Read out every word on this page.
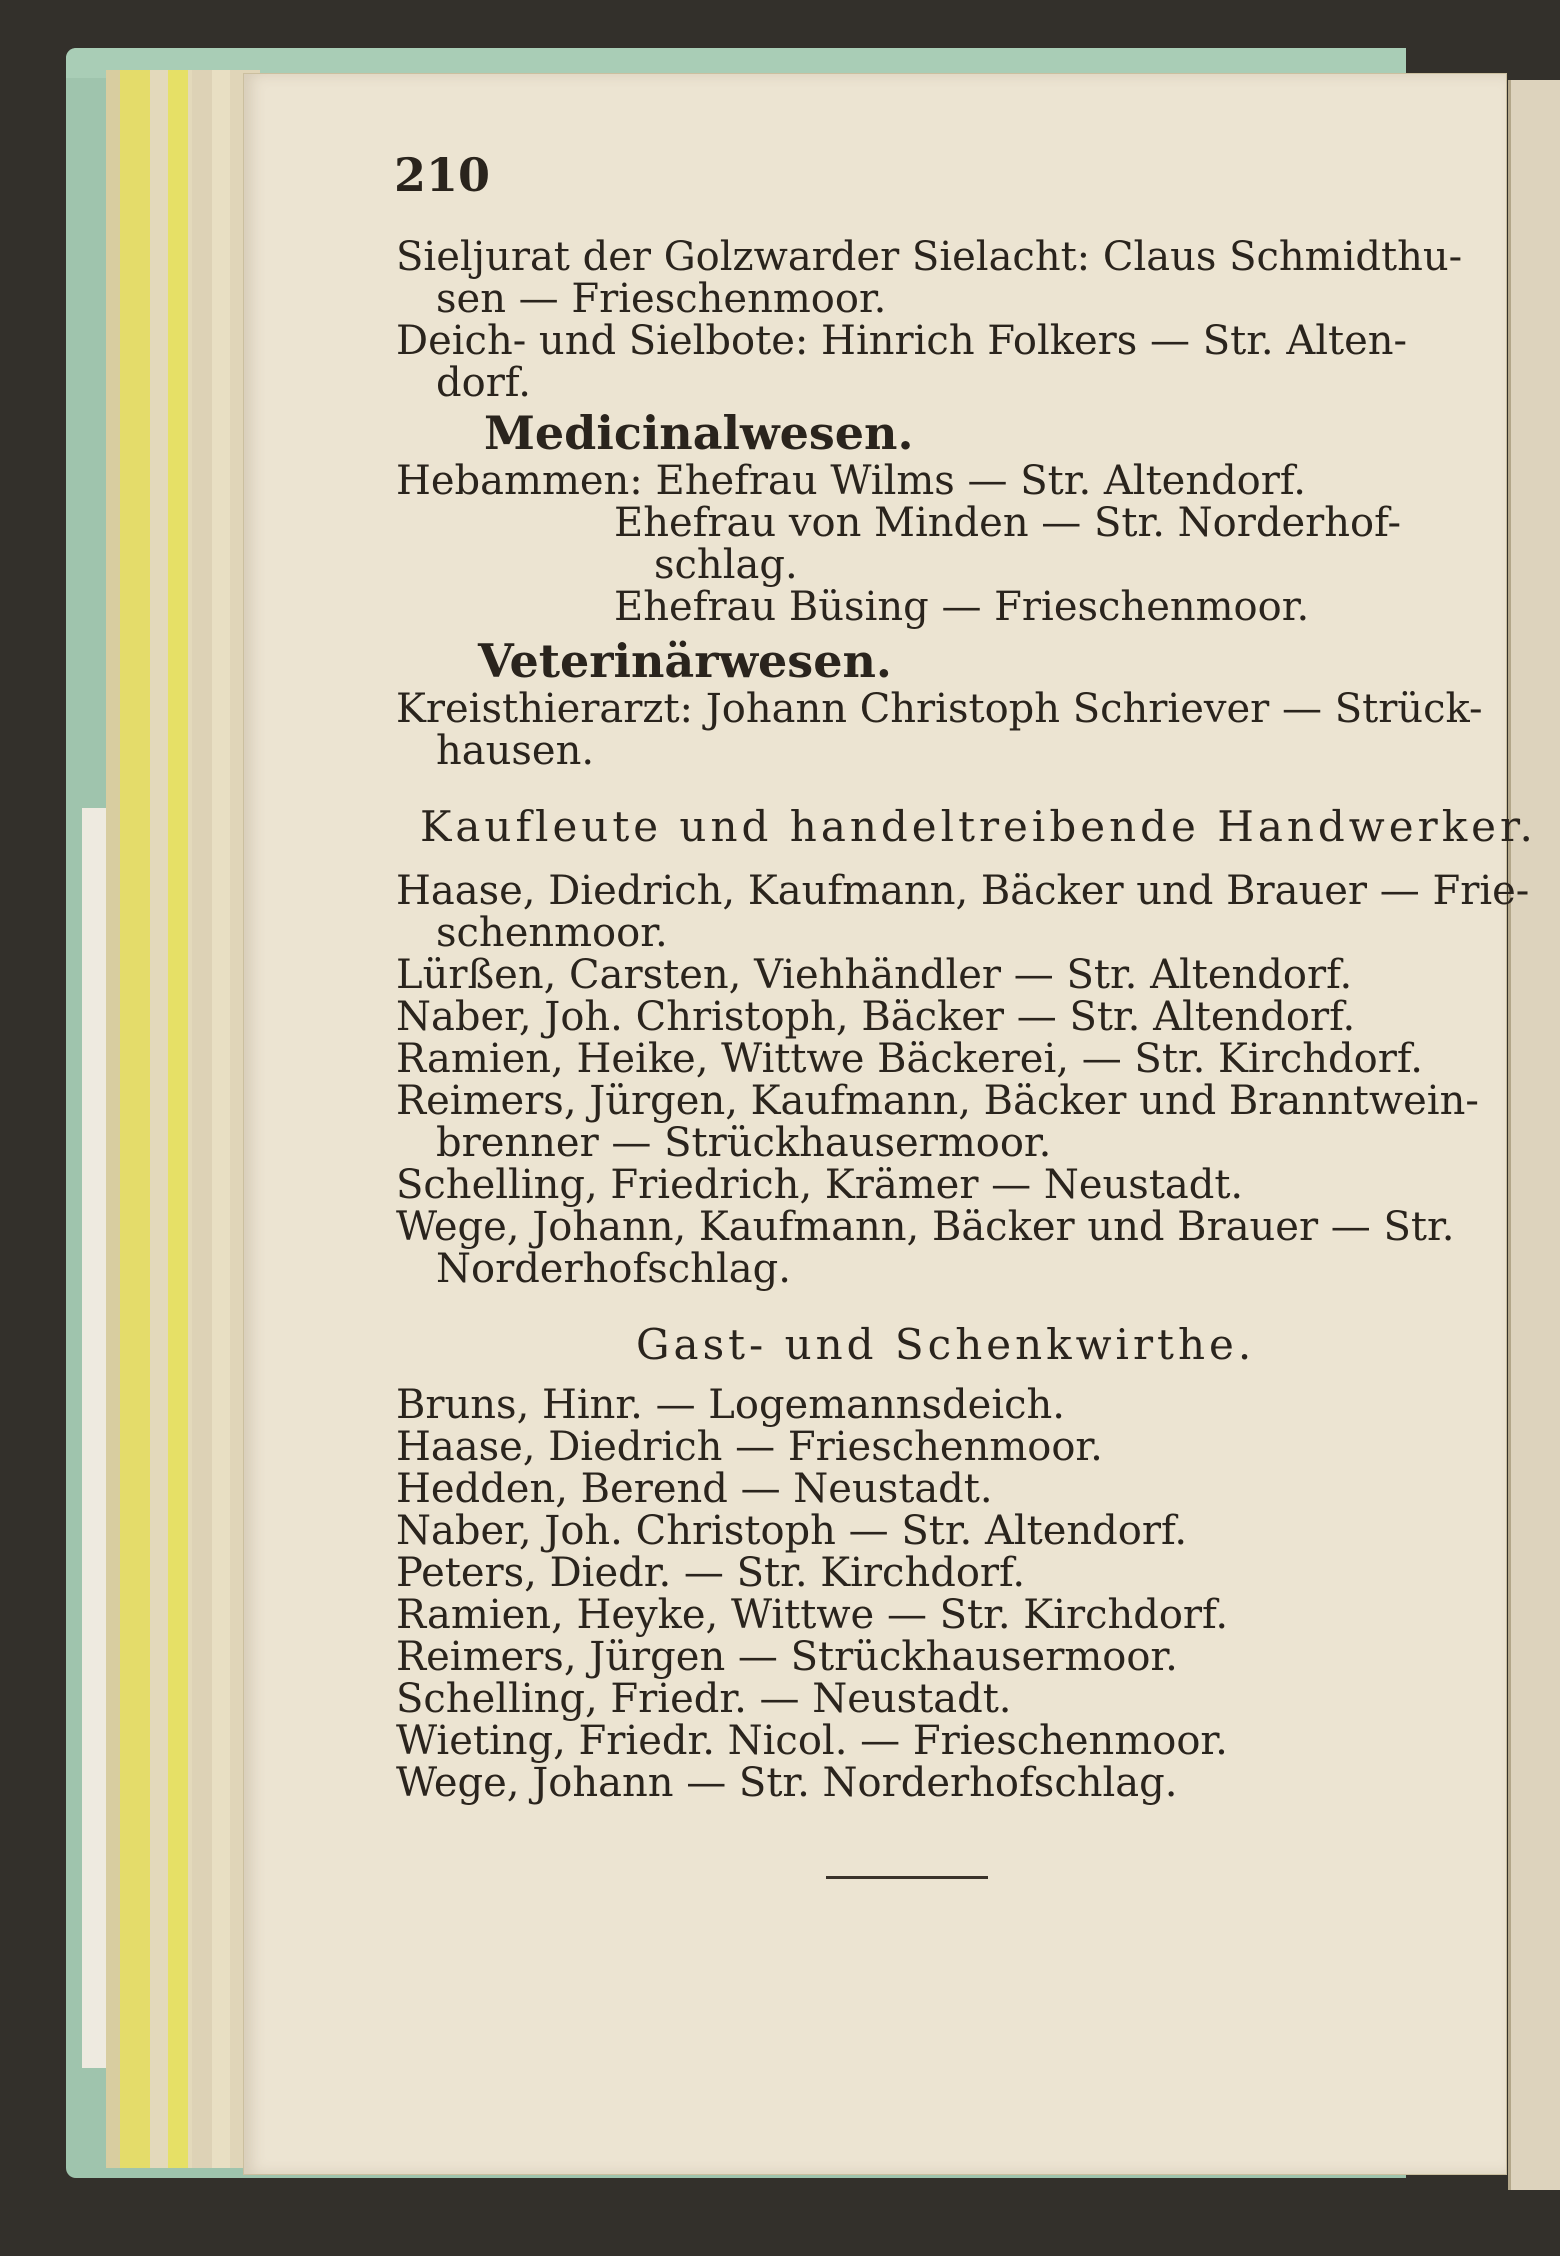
210
Sieljurat der Golzwarder Sielacht: Claus Schmidthu-
sen — Frieschenmoor.
Deich- und Sielbote: Hinrich Folkers — Str. Alten-
dorf.
Medicinalwesen.
Hebammen: Ehefrau Wilms — Str. Altendorf.
Ehefrau von Minden — Str. Norderhof-
schlag.
Ehefrau Büsing — Frieschenmoor.
Veterinärwesen.
Kreisthierarzt: Johann Christoph Schriever — Strück-
hausen.
Kaufleute und handeltreibende Handwerker.
Haase, Diedrich, Kaufmann, Bäcker und Brauer — Frie-
schenmoor.
Lürßen, Carsten, Viehhändler — Str. Altendorf.
Naber, Joh. Christoph, Bäcker — Str. Altendorf.
Ramien, Heike, Wittwe Bäckerei, — Str. Kirchdorf.
Reimers, Jürgen, Kaufmann, Bäcker und Branntwein-
brenner — Strückhausermoor.
Schelling, Friedrich, Krämer — Neustadt.
Wege, Johann, Kaufmann, Bäcker und Brauer — Str.
Norderhofschlag.
Gast- und Schenkwirthe.
Bruns, Hinr. — Logemannsdeich.
Haase, Diedrich — Frieschenmoor.
Hedden, Berend — Neustadt.
Naber, Joh. Christoph — Str. Altendorf.
Peters, Diedr. — Str. Kirchdorf.
Ramien, Heyke, Wittwe — Str. Kirchdorf.
Reimers, Jürgen — Strückhausermoor.
Schelling, Friedr. — Neustadt.
Wieting, Friedr. Nicol. — Frieschenmoor.
Wege, Johann — Str. Norderhofschlag.
